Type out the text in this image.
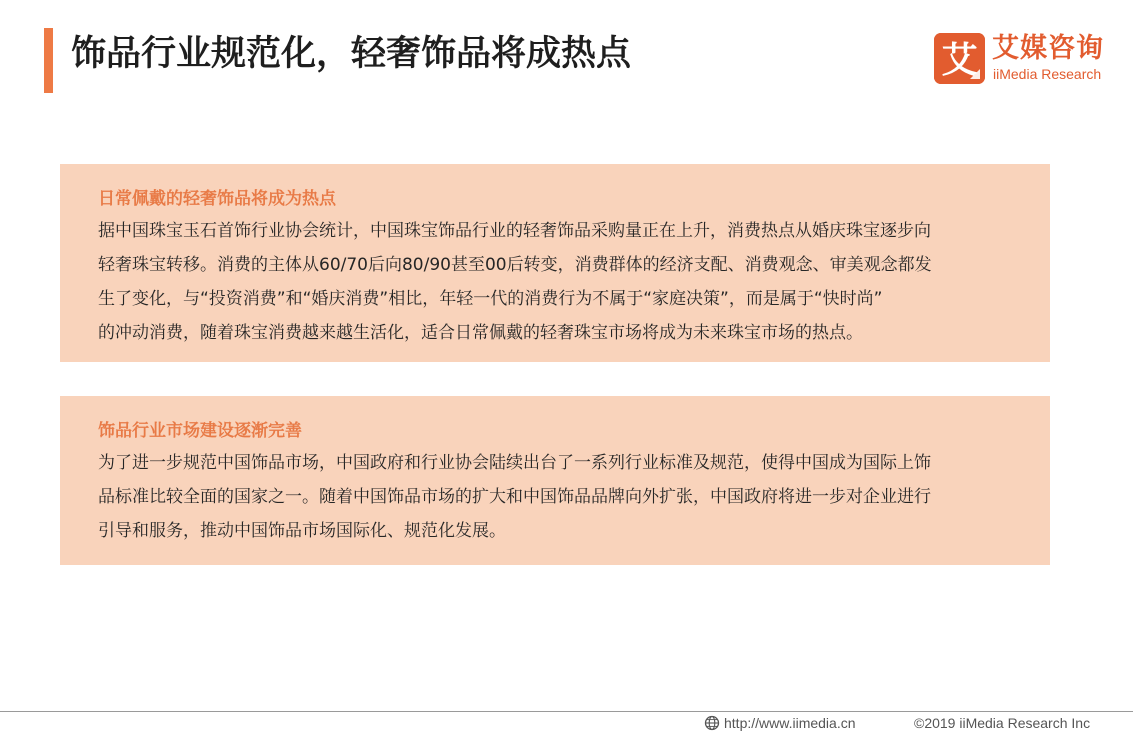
饰品行业规范化，轻奢饰品将成热点	艾 艾媒咨询
iiMedia Research
日常佩戴的轻奢饰品将成为热点
据中国珠宝玉石首饰行业协会统计，中国珠宝饰品行业的轻奢饰品采购量正在上升，消费热点从婚庆珠宝逐步向
轻奢珠宝转移。消费的主体从60/70后向80/90甚至00后转变，消费群体的经济支配、消费观念、审美观念都发
生了变化，与“投资消费”和“婚庆消费”相比，年轻一代的消费行为不属于“家庭决策”，而是属于“快时尚”
的冲动消费，随着珠宝消费越来越生活化，适合日常佩戴的轻奢珠宝市场将成为未来珠宝市场的热点。
饰品行业市场建设逐渐完善
为了进一步规范中国饰品市场，中国政府和行业协会陆续出台了一系列行业标准及规范，使得中国成为国际上饰
品标准比较全面的国家之一。随着中国饰品市场的扩大和中国饰品品牌向外扩张，中国政府将进一步对企业进行
引导和服务，推动中国饰品市场国际化、规范化发展。
http://www.iimedia.cn	©2019 iiMedia Research Inc
